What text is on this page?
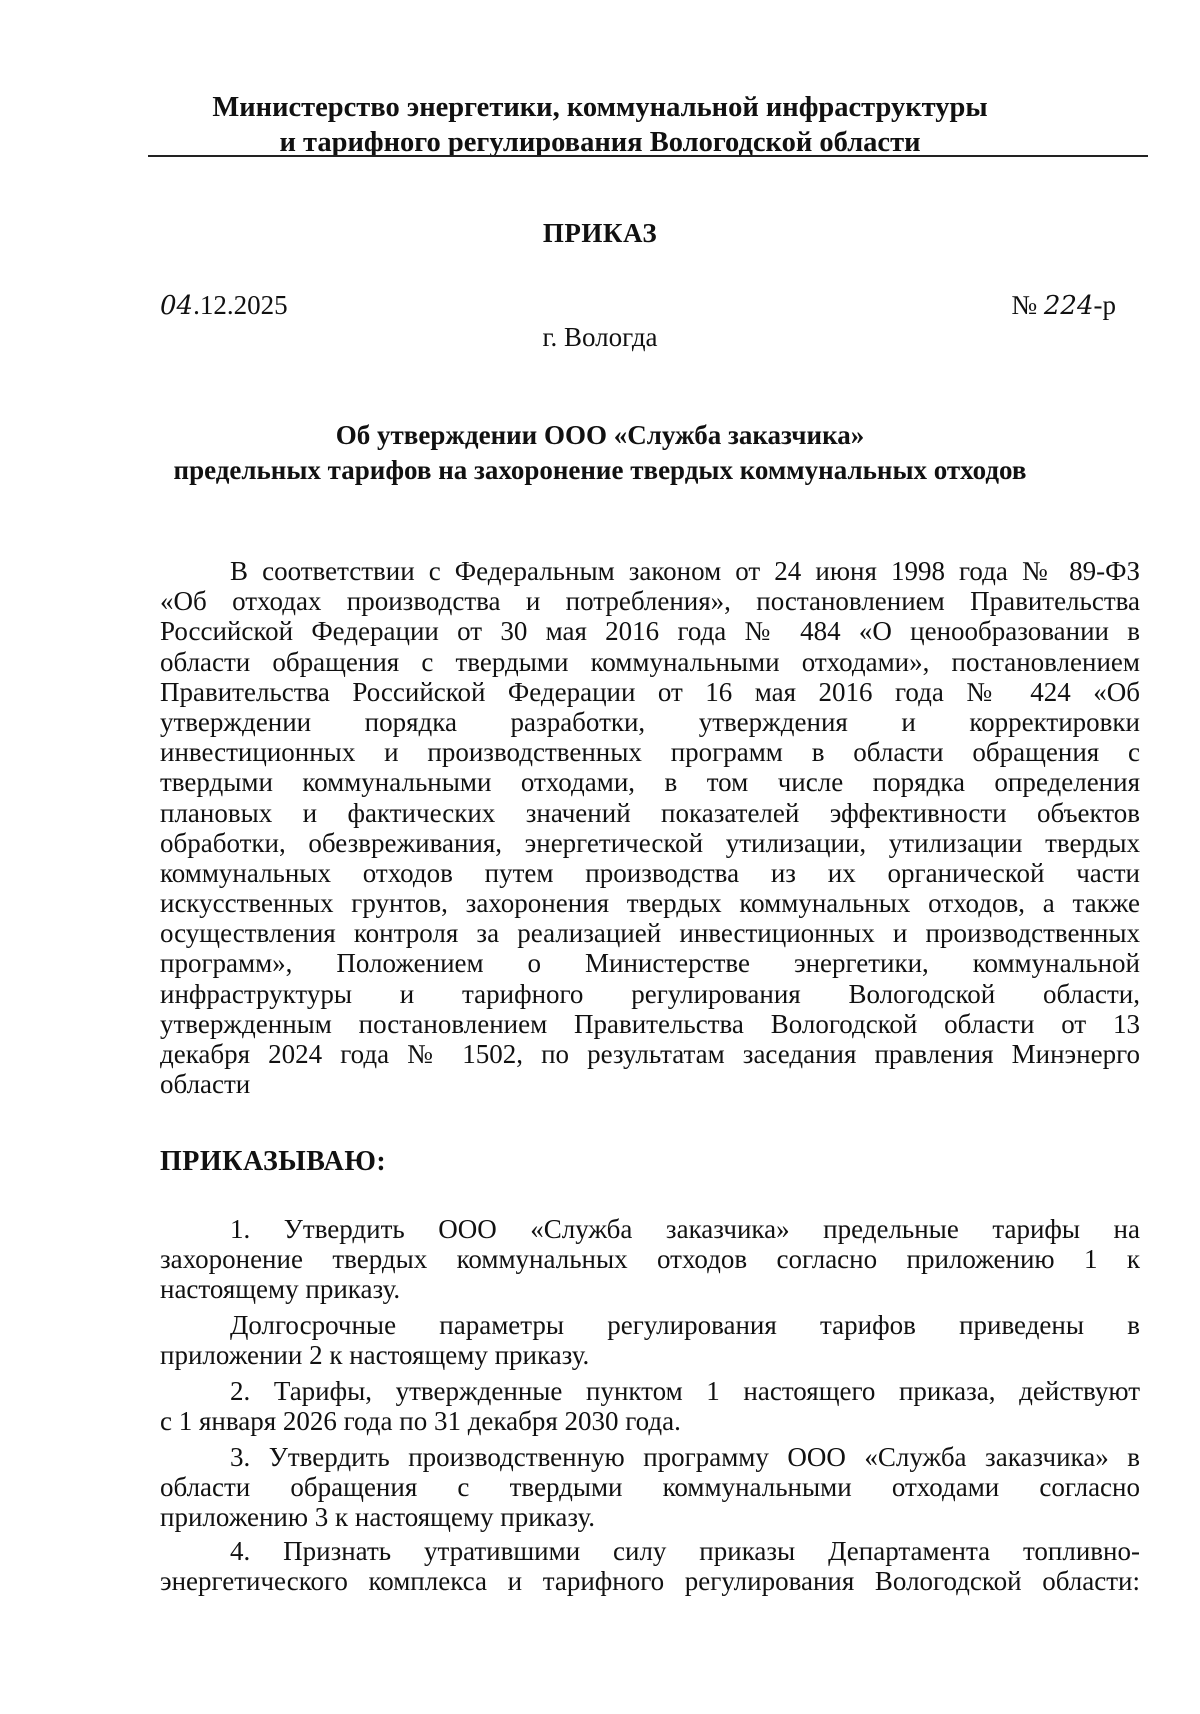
Министерство энергетики, коммунальной инфраструктуры
и тарифного регулирования Вологодской области
ПРИКАЗ
04.12.2025	№ 224-р
г. Вологда
Об утверждении ООО «Служба заказчика»
предельных тарифов на захоронение твердых коммунальных отходов
В соответствии с Федеральным законом от 24 июня 1998 года № 89-ФЗ
«Об отходах производства и потребления», постановлением Правительства
Российской Федерации от 30 мая 2016 года № 484 «О ценообразовании в
области обращения с твердыми коммунальными отходами», постановлением
Правительства Российской Федерации от 16 мая 2016 года № 424 «Об
утверждении порядка разработки, утверждения и корректировки
инвестиционных и производственных программ в области обращения с
твердыми коммунальными отходами, в том числе порядка определения
плановых и фактических значений показателей эффективности объектов
обработки, обезвреживания, энергетической утилизации, утилизации твердых
коммунальных отходов путем производства из их органической части
искусственных грунтов, захоронения твердых коммунальных отходов, а также
осуществления контроля за реализацией инвестиционных и производственных
программ», Положением о Министерстве энергетики, коммунальной
инфраструктуры и тарифного регулирования Вологодской области,
утвержденным постановлением Правительства Вологодской области от 13
декабря 2024 года № 1502, по результатам заседания правления Минэнерго
области
ПРИКАЗЫВАЮ:
1. Утвердить ООО «Служба заказчика» предельные тарифы на
захоронение твердых коммунальных отходов согласно приложению 1 к
настоящему приказу.
Долгосрочные параметры регулирования тарифов приведены в
приложении 2 к настоящему приказу.
2. Тарифы, утвержденные пунктом 1 настоящего приказа, действуют
с 1 января 2026 года по 31 декабря 2030 года.
3. Утвердить производственную программу ООО «Служба заказчика» в
области обращения с твердыми коммунальными отходами согласно
приложению 3 к настоящему приказу.
4. Признать утратившими силу приказы Департамента топливно-
энергетического комплекса и тарифного регулирования Вологодской области:
